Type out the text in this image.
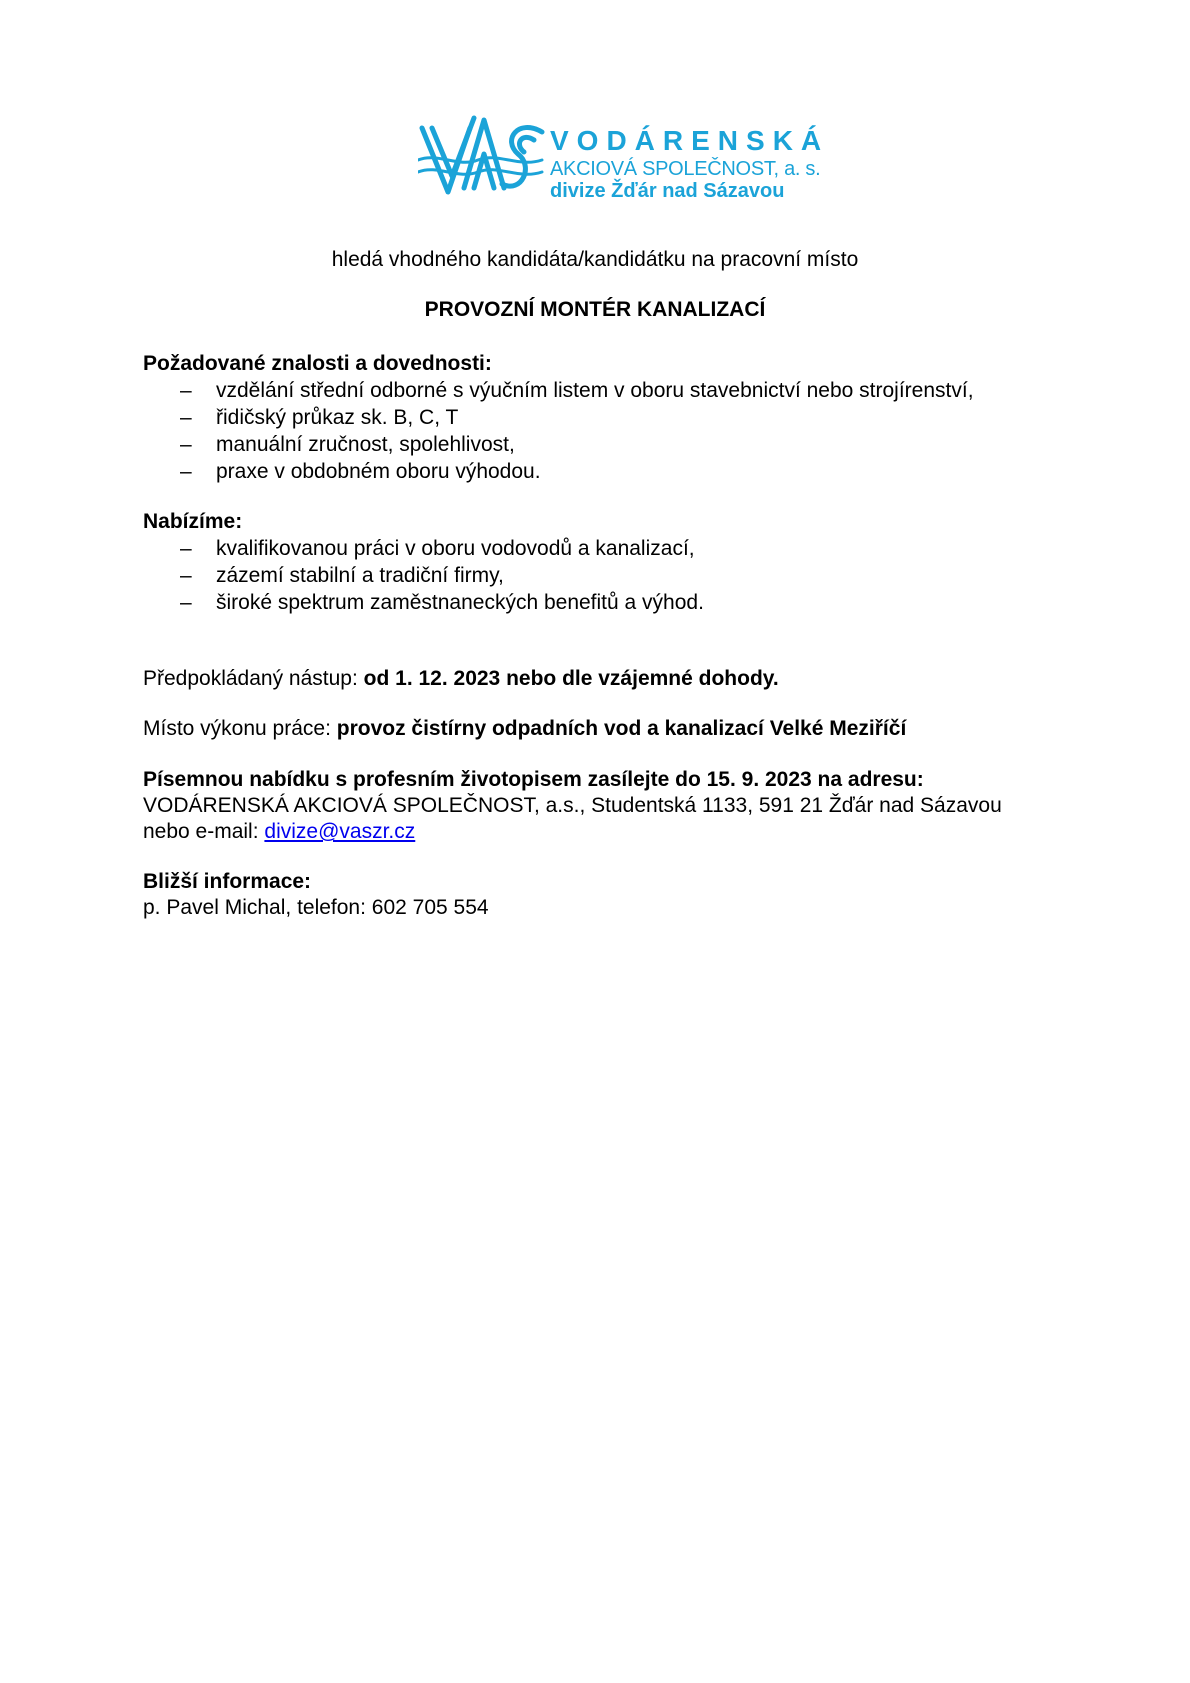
VODÁRENSKÁ
AKCIOVÁ SPOLEČNOST, a. s.
divize Žďár nad Sázavou
hledá vhodného kandidáta/kandidátku na pracovní místo
PROVOZNÍ MONTÉR KANALIZACÍ
Požadované znalosti a dovednosti:
– vzdělání střední odborné s výučním listem v oboru stavebnictví nebo strojírenství,
– řidičský průkaz sk. B, C, T
– manuální zručnost, spolehlivost,
– praxe v obdobném oboru výhodou.
Nabízíme:
– kvalifikovanou práci v oboru vodovodů a kanalizací,
– zázemí stabilní a tradiční firmy,
– široké spektrum zaměstnaneckých benefitů a výhod.
Předpokládaný nástup: od 1. 12. 2023 nebo dle vzájemné dohody.
Místo výkonu práce: provoz čistírny odpadních vod a kanalizací Velké Meziříčí
Písemnou nabídku s profesním životopisem zasílejte do 15. 9. 2023 na adresu:
VODÁRENSKÁ AKCIOVÁ SPOLEČNOST, a.s., Studentská 1133, 591 21 Žďár nad Sázavou
nebo e-mail: divize@vaszr.cz
Bližší informace:
p. Pavel Michal, telefon: 602 705 554
